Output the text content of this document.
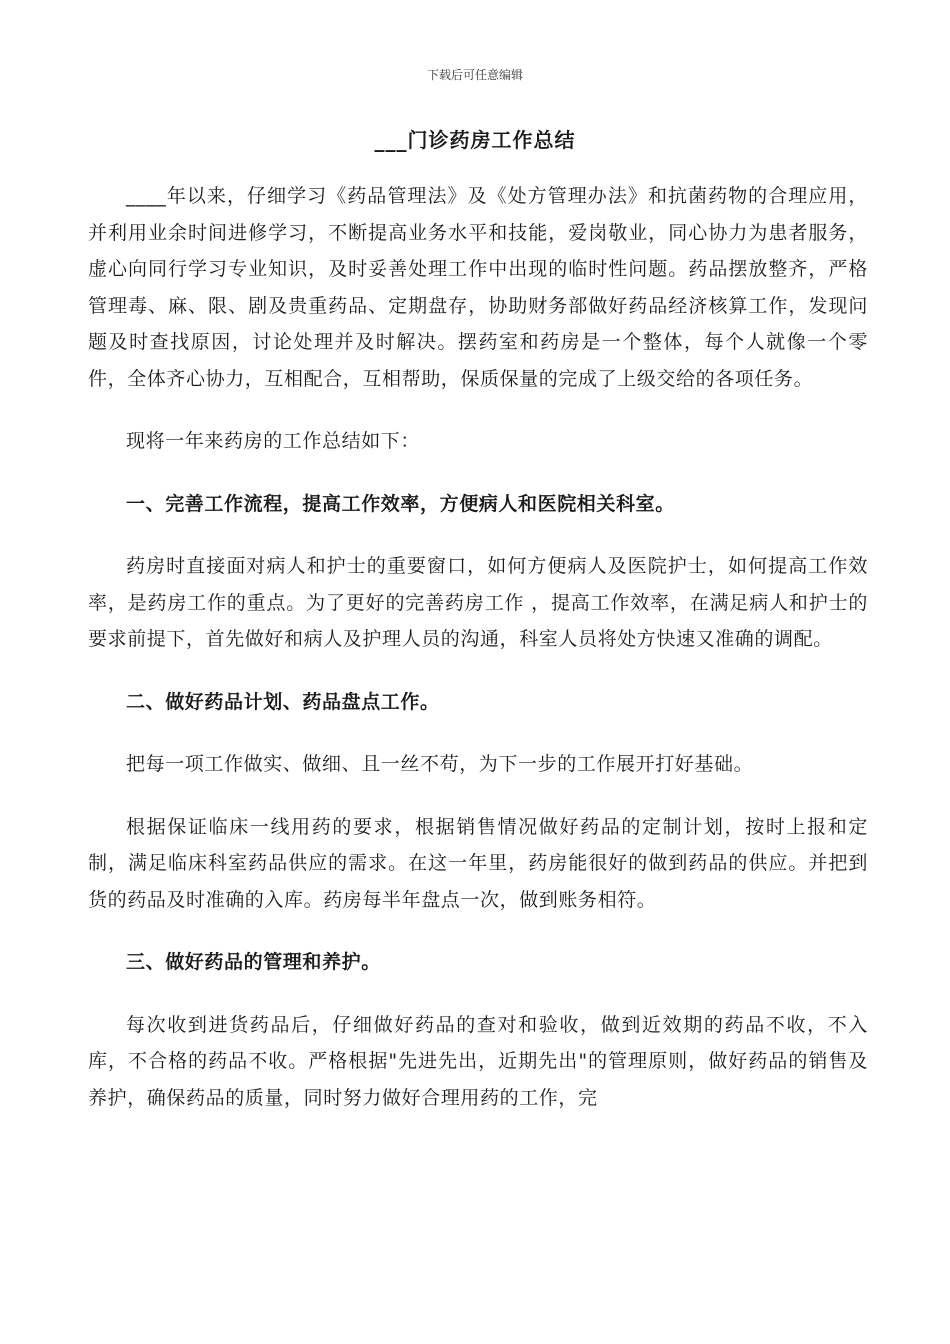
下载后可任意编辑
___门诊药房工作总结

____年以来，仔细学习《药品管理法》及《处方管理办法》和抗菌药物的合理应用，并利用业余时间进修学习，不断提高业务水平和技能，爱岗敬业，同心协力为患者服务，虚心向同行学习专业知识，及时妥善处理工作中出现的临时性问题。药品摆放整齐，严格管理毒、麻、限、剧及贵重药品、定期盘存，协助财务部做好药品经济核算工作，发现问题及时查找原因，讨论处理并及时解决。摆药室和药房是一个整体，每个人就像一个零件，全体齐心协力，互相配合，互相帮助，保质保量的完成了上级交给的各项任务。

现将一年来药房的工作总结如下：

一、完善工作流程，提高工作效率，方便病人和医院相关科室。

药房时直接面对病人和护士的重要窗口，如何方便病人及医院护士，如何提高工作效率，是药房工作的重点。为了更好的完善药房工作 ，提高工作效率，在满足病人和护士的要求前提下，首先做好和病人及护理人员的沟通，科室人员将处方快速又准确的调配。

二、做好药品计划、药品盘点工作。

把每一项工作做实、做细、且一丝不苟，为下一步的工作展开打好基础。

根据保证临床一线用药的要求，根据销售情况做好药品的定制计划，按时上报和定制，满足临床科室药品供应的需求。在这一年里，药房能很好的做到药品的供应。并把到货的药品及时准确的入库。药房每半年盘点一次，做到账务相符。

三、做好药品的管理和养护。

每次收到进货药品后，仔细做好药品的查对和验收，做到近效期的药品不收，不入库，不合格的药品不收。严格根据"先进先出，近期先出"的管理原则，做好药品的销售及养护，确保药品的质量，同时努力做好合理用药的工作，完
